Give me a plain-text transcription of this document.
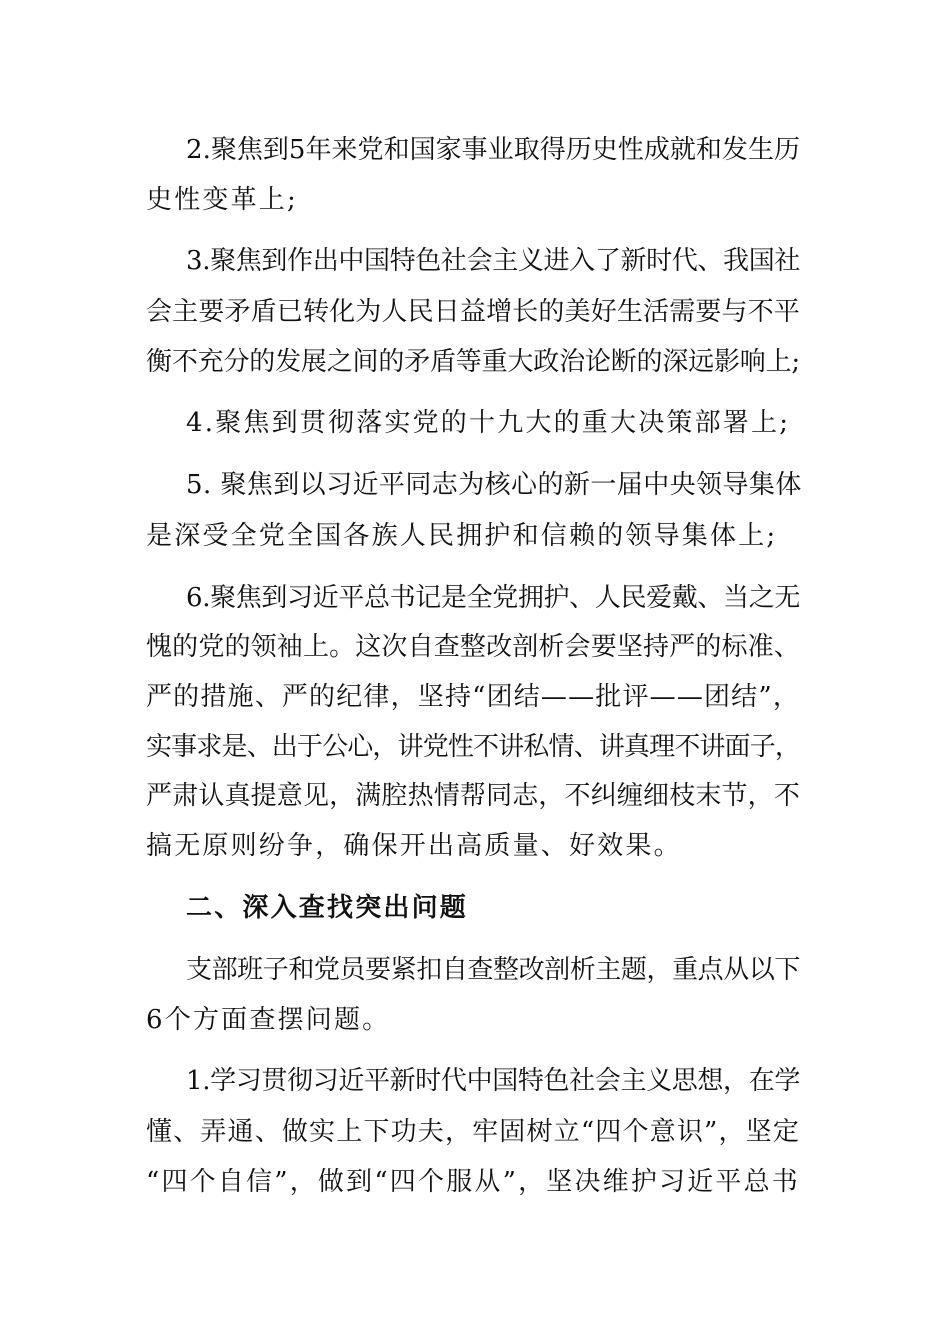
2.聚焦到5年来党和国家事业取得历史性成就和发生历
史性变革上;
3.聚焦到作出中国特色社会主义进入了新时代、我国社
会主要矛盾已转化为人民日益增长的美好生活需要与不平
衡不充分的发展之间的矛盾等重大政治论断的深远影响上;
4.聚焦到贯彻落实党的十九大的重大决策部署上;
5. 聚焦到以习近平同志为核心的新一届中央领导集体
是深受全党全国各族人民拥护和信赖的领导集体上;
6.聚焦到习近平总书记是全党拥护、人民爱戴、当之无
愧的党的领袖上。这次自查整改剖析会要坚持严的标准、
严的措施、严的纪律，坚持“团结——批评——团结”，
实事求是、出于公心，讲党性不讲私情、讲真理不讲面子，
严肃认真提意见，满腔热情帮同志，不纠缠细枝末节，不
搞无原则纷争，确保开出高质量、好效果。
二、深入查找突出问题
支部班子和党员要紧扣自查整改剖析主题，重点从以下
6个方面查摆问题。
1.学习贯彻习近平新时代中国特色社会主义思想，在学
懂、弄通、做实上下功夫，牢固树立“四个意识”，坚定
“四个自信”，做到“四个服从”，坚决维护习近平总书
